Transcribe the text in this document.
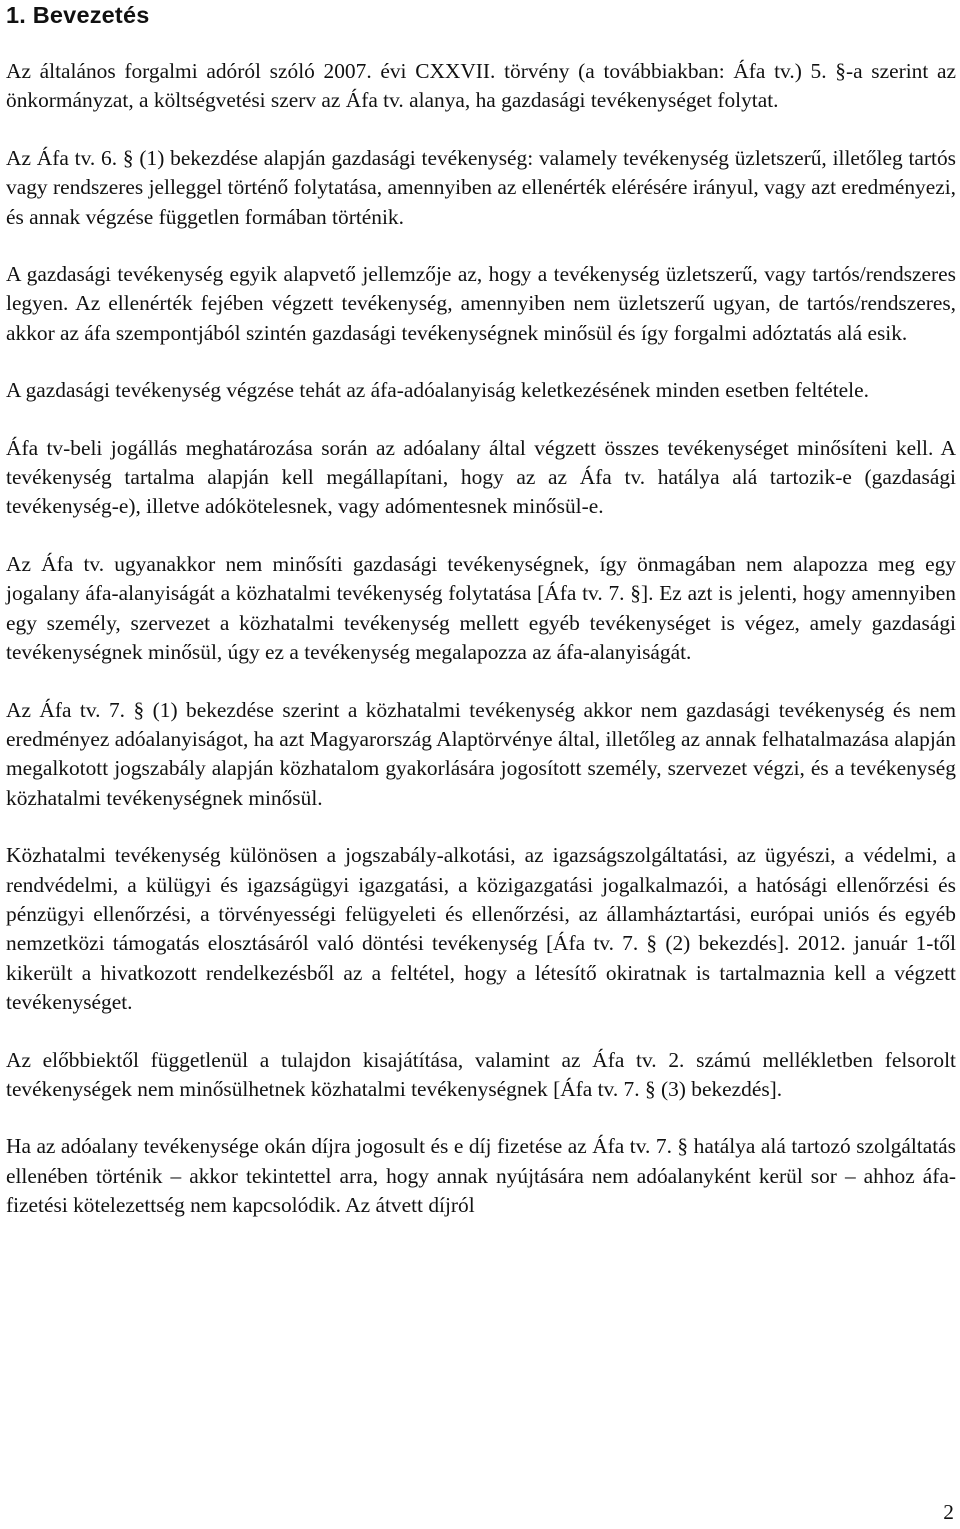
1. Bevezetés

Az általános forgalmi adóról szóló 2007. évi CXXVII. törvény (a továbbiakban: Áfa tv.) 5. §-a szerint az önkormányzat, a költségvetési szerv az Áfa tv. alanya, ha gazdasági tevékenységet folytat.

Az Áfa tv. 6. § (1) bekezdése alapján gazdasági tevékenység: valamely tevékenység üzletszerű, illetőleg tartós vagy rendszeres jelleggel történő folytatása, amennyiben az ellenérték elérésére irányul, vagy azt eredményezi, és annak végzése független formában történik.

A gazdasági tevékenység egyik alapvető jellemzője az, hogy a tevékenység üzletszerű, vagy tartós/rendszeres legyen. Az ellenérték fejében végzett tevékenység, amennyiben nem üzletszerű ugyan, de tartós/rendszeres, akkor az áfa szempontjából szintén gazdasági tevékenységnek minősül és így forgalmi adóztatás alá esik.

A gazdasági tevékenység végzése tehát az áfa-adóalanyiság keletkezésének minden esetben feltétele.

Áfa tv-beli jogállás meghatározása során az adóalany által végzett összes tevékenységet minősíteni kell. A tevékenység tartalma alapján kell megállapítani, hogy az az Áfa tv. hatálya alá tartozik-e (gazdasági tevékenység-e), illetve adókötelesnek, vagy adómentesnek minősül-e.

Az Áfa tv. ugyanakkor nem minősíti gazdasági tevékenységnek, így önmagában nem alapozza meg egy jogalany áfa-alanyiságát a közhatalmi tevékenység folytatása [Áfa tv. 7. §]. Ez azt is jelenti, hogy amennyiben egy személy, szervezet a közhatalmi tevékenység mellett egyéb tevékenységet is végez, amely gazdasági tevékenységnek minősül, úgy ez a tevékenység megalapozza az áfa-alanyiságát.

Az Áfa tv. 7. § (1) bekezdése szerint a közhatalmi tevékenység akkor nem gazdasági tevékenység és nem eredményez adóalanyiságot, ha azt Magyarország Alaptörvénye által, illetőleg az annak felhatalmazása alapján megalkotott jogszabály alapján közhatalom gyakorlására jogosított személy, szervezet végzi, és a tevékenység közhatalmi tevékenységnek minősül.

Közhatalmi tevékenység különösen a jogszabály-alkotási, az igazságszolgáltatási, az ügyészi, a védelmi, a rendvédelmi, a külügyi és igazságügyi igazgatási, a közigazgatási jogalkalmazói, a hatósági ellenőrzési és pénzügyi ellenőrzési, a törvényességi felügyeleti és ellenőrzési, az államháztartási, európai uniós és egyéb nemzetközi támogatás elosztásáról való döntési tevékenység [Áfa tv. 7. § (2) bekezdés]. 2012. január 1-től kikerült a hivatkozott rendelkezésből az a feltétel, hogy a létesítő okiratnak is tartalmaznia kell a végzett tevékenységet.

Az előbbiektől függetlenül a tulajdon kisajátítása, valamint az Áfa tv. 2. számú mellékletben felsorolt tevékenységek nem minősülhetnek közhatalmi tevékenységnek [Áfa tv. 7. § (3) bekezdés].

Ha az adóalany tevékenysége okán díjra jogosult és e díj fizetése az Áfa tv. 7. § hatálya alá tartozó szolgáltatás ellenében történik – akkor tekintettel arra, hogy annak nyújtására nem adóalanyként kerül sor – ahhoz áfa-fizetési kötelezettség nem kapcsolódik. Az átvett díjról

2
